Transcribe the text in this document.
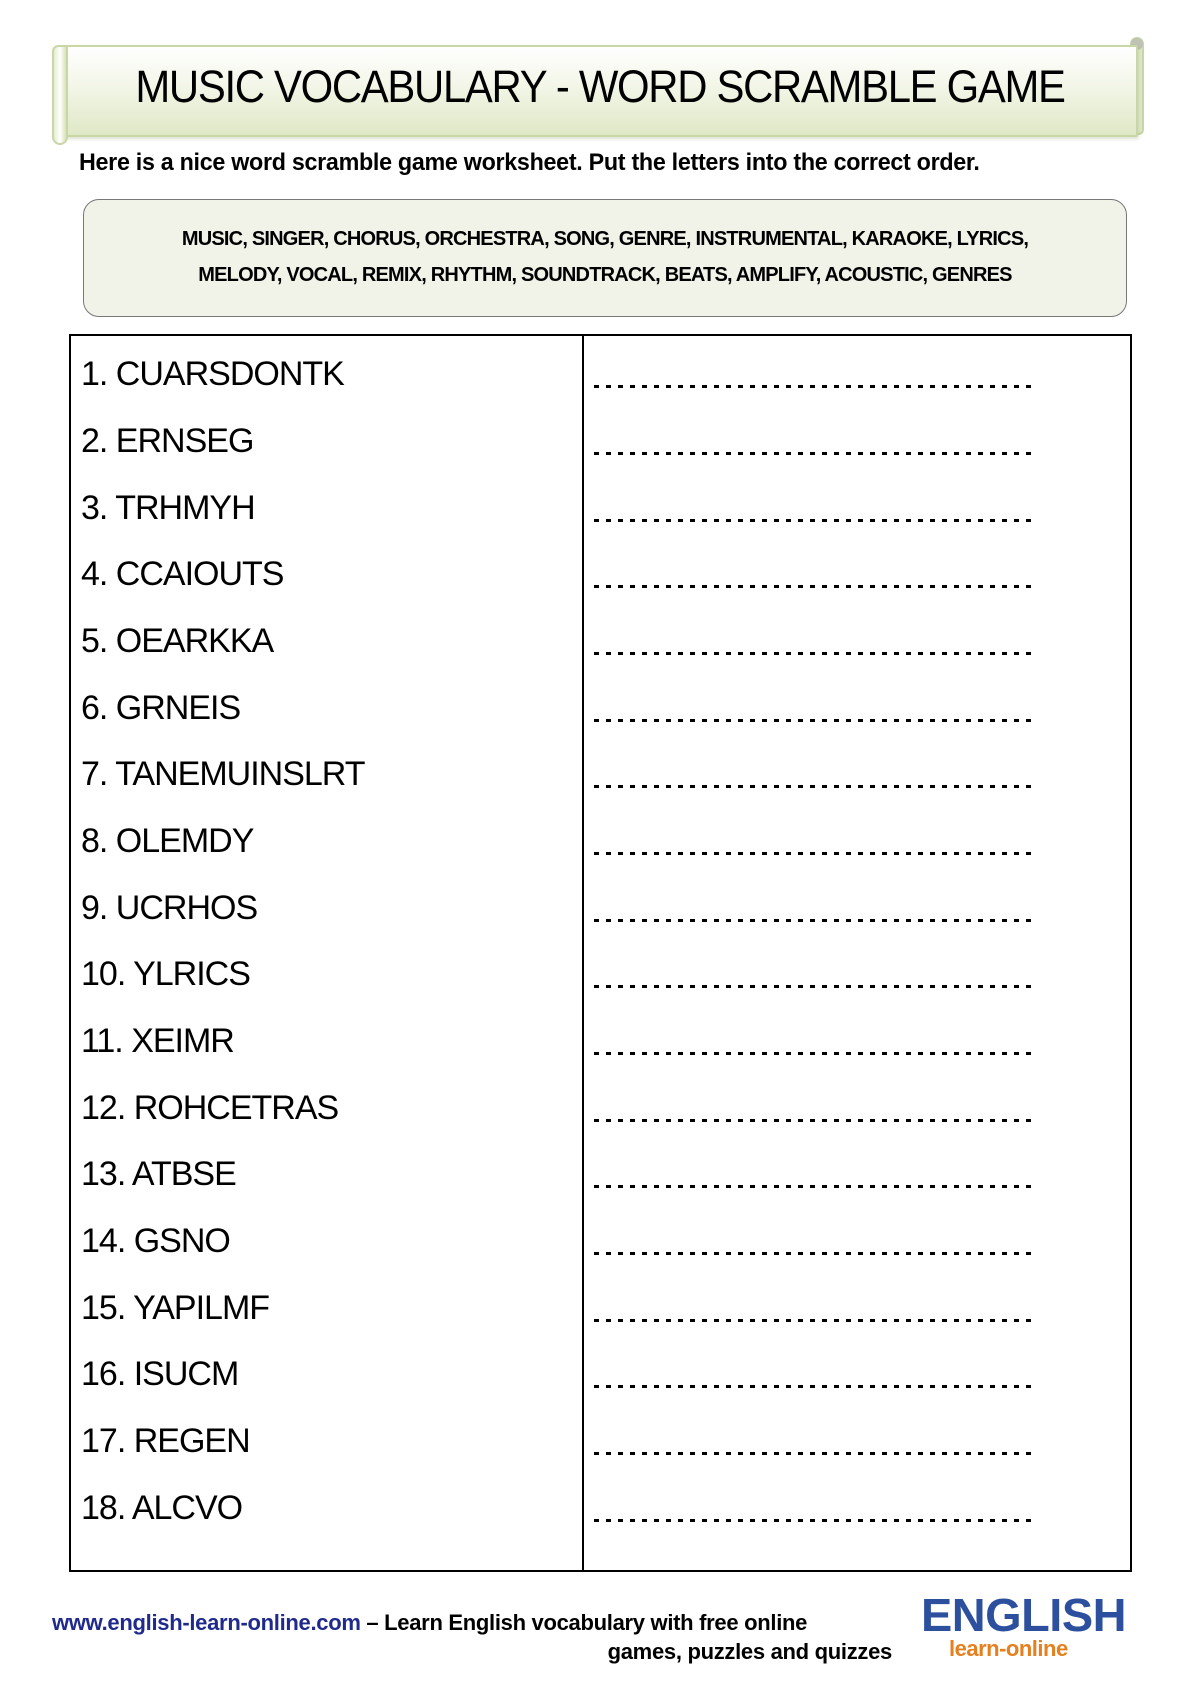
MUSIC VOCABULARY - WORD SCRAMBLE GAME
Here is a nice word scramble game worksheet. Put the letters into the correct order.
MUSIC, SINGER, CHORUS, ORCHESTRA, SONG, GENRE, INSTRUMENTAL, KARAOKE, LYRICS,
MELODY, VOCAL, REMIX, RHYTHM, SOUNDTRACK, BEATS, AMPLIFY, ACOUSTIC, GENRES
1. CUARSDONTK
2. ERNSEG
3. TRHMYH
4. CCAIOUTS
5. OEARKKA
6. GRNEIS
7. TANEMUINSLRT
8. OLEMDY
9. UCRHOS
10. YLRICS
11. XEIMR
12. ROHCETRAS
13. ATBSE
14. GSNO
15. YAPILMF
16. ISUCM
17. REGEN
18. ALCVO
www.english-learn-online.com – Learn English vocabulary with free online
games, puzzles and quizzes
ENGLISH
learn-online
